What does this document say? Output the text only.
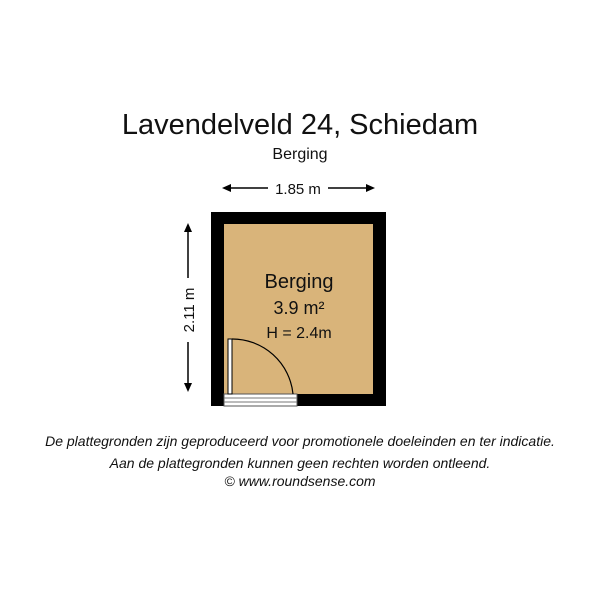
Lavendelveld 24, Schiedam
Berging
1.85 m
2.11 m
Berging
3.9 m²
H = 2.4m
De plattegronden zijn geproduceerd voor promotionele doeleinden en ter indicatie.
Aan de plattegronden kunnen geen rechten worden ontleend.
© www.roundsense.com
